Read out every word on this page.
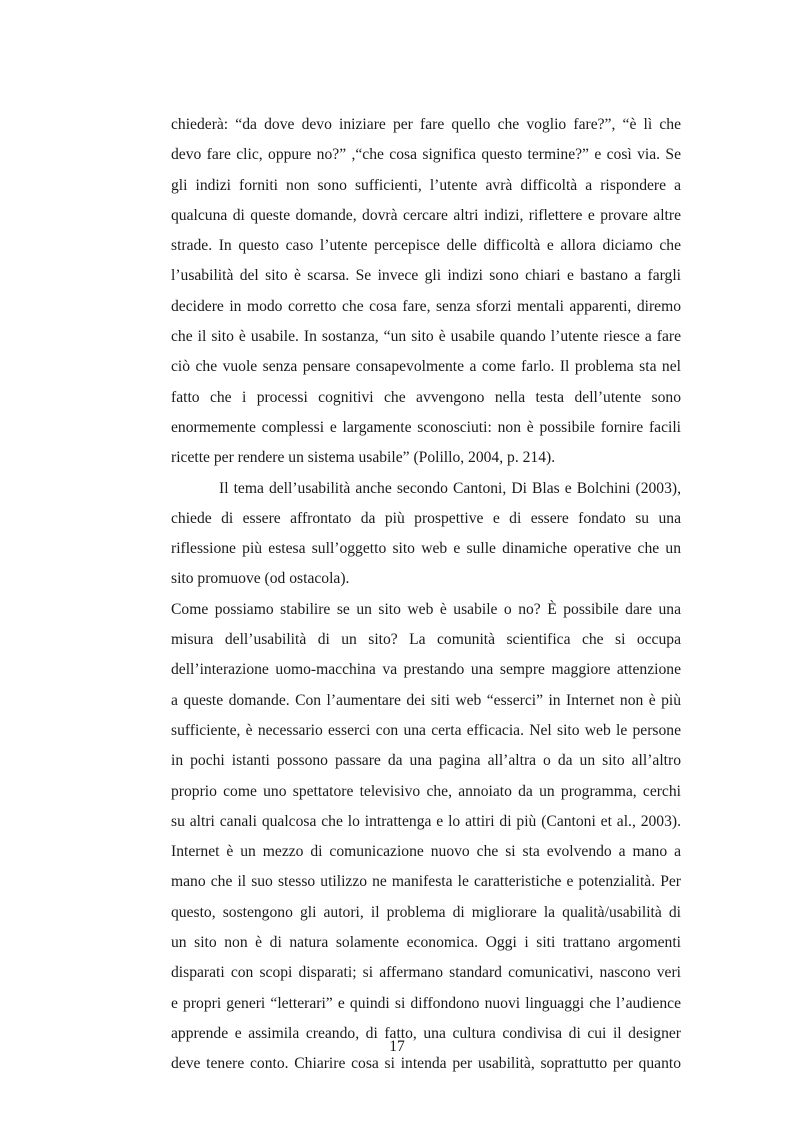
chiederà: “da dove devo iniziare per fare quello che voglio fare?”, “è lì che
devo fare clic, oppure no?” ,“che cosa significa questo termine?” e così via. Se
gli indizi forniti non sono sufficienti, l’utente avrà difficoltà a rispondere a
qualcuna di queste domande, dovrà cercare altri indizi, riflettere e provare altre
strade. In questo caso l’utente percepisce delle difficoltà e allora diciamo che
l’usabilità del sito è scarsa. Se invece gli indizi sono chiari e bastano a fargli
decidere in modo corretto che cosa fare, senza sforzi mentali apparenti, diremo
che il sito è usabile. In sostanza, “un sito è usabile quando l’utente riesce a fare
ciò che vuole senza pensare consapevolmente a come farlo. Il problema sta nel
fatto che i processi cognitivi che avvengono nella testa dell’utente sono
enormemente complessi e largamente sconosciuti: non è possibile fornire facili
ricette per rendere un sistema usabile” (Polillo, 2004, p. 214).
Il tema dell’usabilità anche secondo Cantoni, Di Blas e Bolchini (2003),
chiede di essere affrontato da più prospettive e di essere fondato su una
riflessione più estesa sull’oggetto sito web e sulle dinamiche operative che un
sito promuove (od ostacola).
Come possiamo stabilire se un sito web è usabile o no? È possibile dare una
misura dell’usabilità di un sito? La comunità scientifica che si occupa
dell’interazione uomo-macchina va prestando una sempre maggiore attenzione
a queste domande. Con l’aumentare dei siti web “esserci” in Internet non è più
sufficiente, è necessario esserci con una certa efficacia. Nel sito web le persone
in pochi istanti possono passare da una pagina all’altra o da un sito all’altro
proprio come uno spettatore televisivo che, annoiato da un programma, cerchi
su altri canali qualcosa che lo intrattenga e lo attiri di più (Cantoni et al., 2003).
Internet è un mezzo di comunicazione nuovo che si sta evolvendo a mano a
mano che il suo stesso utilizzo ne manifesta le caratteristiche e potenzialità. Per
questo, sostengono gli autori, il problema di migliorare la qualità/usabilità di
un sito non è di natura solamente economica. Oggi i siti trattano argomenti
disparati con scopi disparati; si affermano standard comunicativi, nascono veri
e propri generi “letterari” e quindi si diffondono nuovi linguaggi che l’audience
apprende e assimila creando, di fatto, una cultura condivisa di cui il designer
deve tenere conto. Chiarire cosa si intenda per usabilità, soprattutto per quanto
17
